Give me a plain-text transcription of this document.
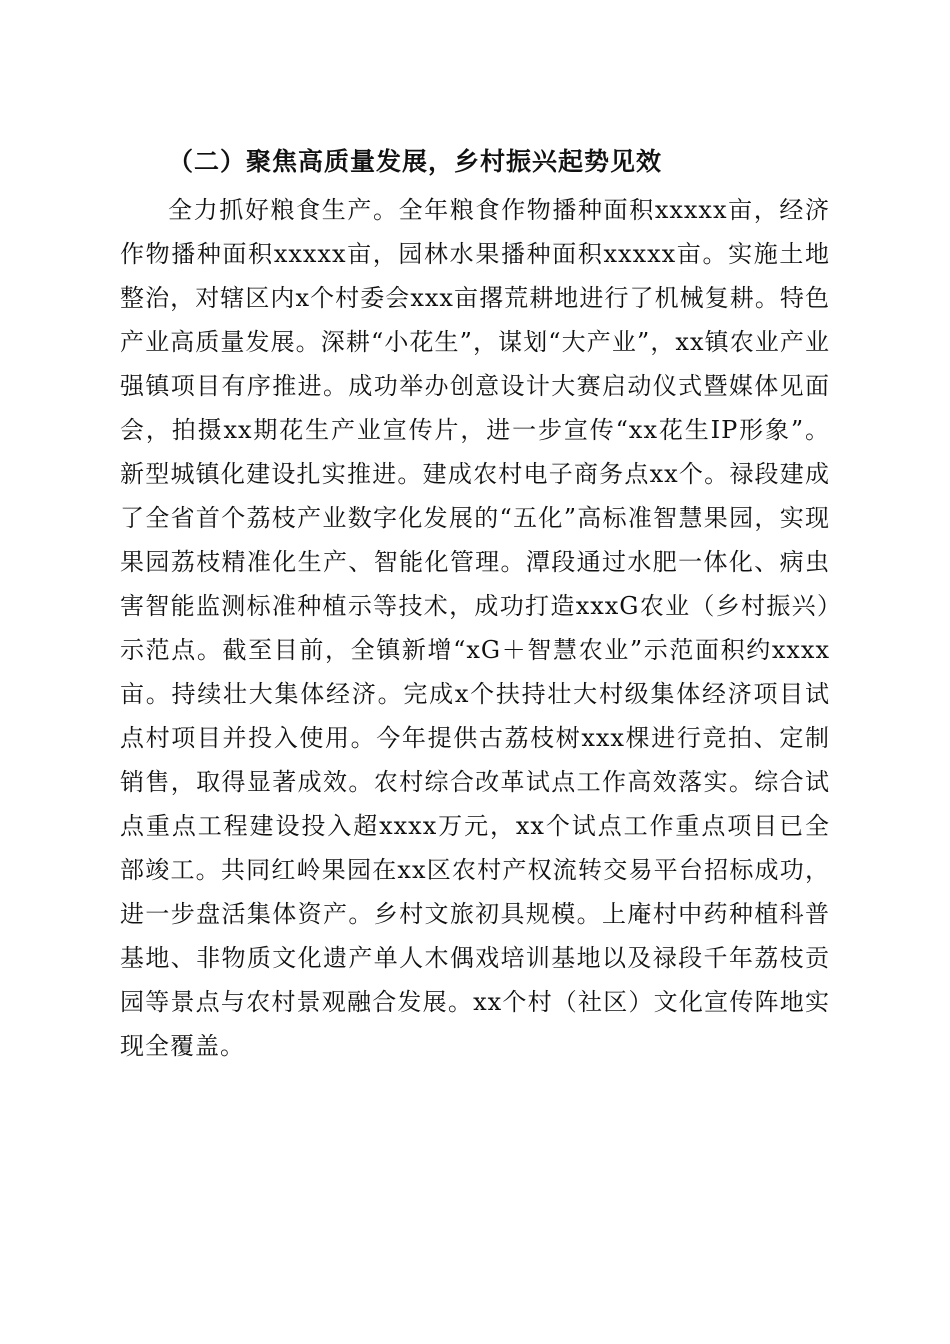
（二）聚焦高质量发展，乡村振兴起势见效

全力抓好粮食生产。全年粮食作物播种面积xxxxx亩，经济作物播种面积xxxxx亩，园林水果播种面积xxxxx亩。实施土地整治，对辖区内x个村委会xxx亩撂荒耕地进行了机械复耕。特色产业高质量发展。深耕“小花生”，谋划“大产业”，xx镇农业产业强镇项目有序推进。成功举办创意设计大赛启动仪式暨媒体见面会，拍摄xx期花生产业宣传片，进一步宣传“xx花生IP形象”。新型城镇化建设扎实推进。建成农村电子商务点xx个。禄段建成了全省首个荔枝产业数字化发展的“五化”高标准智慧果园，实现果园荔枝精准化生产、智能化管理。潭段通过水肥一体化、病虫害智能监测标准种植示等技术，成功打造xxxG农业（乡村振兴）示范点。截至目前，全镇新增“xG＋智慧农业”示范面积约xxxx亩。持续壮大集体经济。完成x个扶持壮大村级集体经济项目试点村项目并投入使用。今年提供古荔枝树xxx棵进行竞拍、定制销售，取得显著成效。农村综合改革试点工作高效落实。综合试点重点工程建设投入超xxxx万元，xx个试点工作重点项目已全部竣工。共同红岭果园在xx区农村产权流转交易平台招标成功，进一步盘活集体资产。乡村文旅初具规模。上庵村中药种植科普基地、非物质文化遗产单人木偶戏培训基地以及禄段千年荔枝贡园等景点与农村景观融合发展。xx个村（社区）文化宣传阵地实现全覆盖。
